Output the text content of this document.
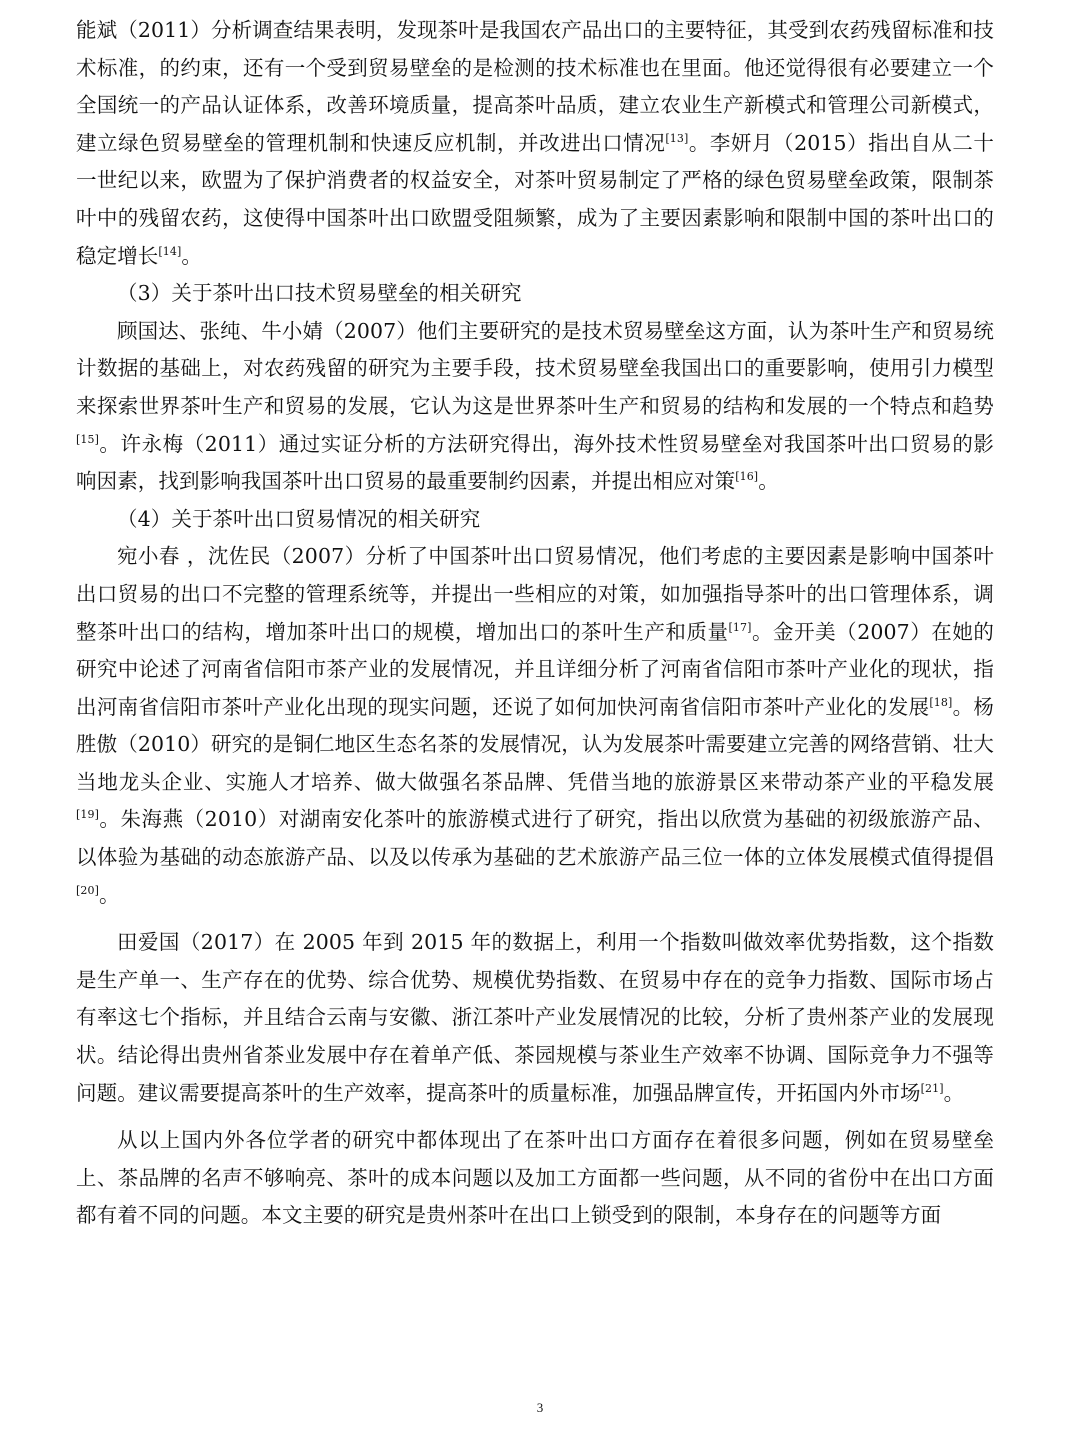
能斌（2011）分析调查结果表明，发现茶叶是我国农产品出口的主要特征，其受到农药残留标准和技术标准，的约束，还有一个受到贸易壁垒的是检测的技术标准也在里面。他还觉得很有必要建立一个全国统一的产品认证体系，改善环境质量，提高茶叶品质，建立农业生产新模式和管理公司新模式，建立绿色贸易壁垒的管理机制和快速反应机制，并改进出口情况[13]。李妍月（2015）指出自从二十一世纪以来，欧盟为了保护消费者的权益安全，对茶叶贸易制定了严格的绿色贸易壁垒政策，限制茶叶中的残留农药，这使得中国茶叶出口欧盟受阻频繁，成为了主要因素影响和限制中国的茶叶出口的稳定增长[14]。

（3）关于茶叶出口技术贸易壁垒的相关研究

顾国达、张纯、牛小婧（2007）他们主要研究的是技术贸易壁垒这方面，认为茶叶生产和贸易统计数据的基础上，对农药残留的研究为主要手段，技术贸易壁垒我国出口的重要影响，使用引力模型来探索世界茶叶生产和贸易的发展，它认为这是世界茶叶生产和贸易的结构和发展的一个特点和趋势[15]。许永梅（2011）通过实证分析的方法研究得出，海外技术性贸易壁垒对我国茶叶出口贸易的影响因素，找到影响我国茶叶出口贸易的最重要制约因素，并提出相应对策[16]。

（4）关于茶叶出口贸易情况的相关研究

宛小春 ，沈佐民（2007）分析了中国茶叶出口贸易情况，他们考虑的主要因素是影响中国茶叶出口贸易的出口不完整的管理系统等，并提出一些相应的对策，如加强指导茶叶的出口管理体系，调整茶叶出口的结构，增加茶叶出口的规模，增加出口的茶叶生产和质量[17]。金开美（2007）在她的研究中论述了河南省信阳市茶产业的发展情况，并且详细分析了河南省信阳市茶叶产业化的现状，指出河南省信阳市茶叶产业化出现的现实问题，还说了如何加快河南省信阳市茶叶产业化的发展[18]。杨胜傲（2010）研究的是铜仁地区生态名茶的发展情况，认为发展茶叶需要建立完善的网络营销、壮大当地龙头企业、实施人才培养、做大做强名茶品牌、凭借当地的旅游景区来带动茶产业的平稳发展[19]。朱海燕（2010）对湖南安化茶叶的旅游模式进行了研究，指出以欣赏为基础的初级旅游产品、以体验为基础的动态旅游产品、以及以传承为基础的艺术旅游产品三位一体的立体发展模式值得提倡[20]。

田爱国（2017）在 2005 年到 2015 年的数据上，利用一个指数叫做效率优势指数，这个指数是生产单一、生产存在的优势、综合优势、规模优势指数、在贸易中存在的竞争力指数、国际市场占有率这七个指标，并且结合云南与安徽、浙江茶叶产业发展情况的比较，分析了贵州茶产业的发展现状。结论得出贵州省茶业发展中存在着单产低、茶园规模与茶业生产效率不协调、国际竞争力不强等问题。建议需要提高茶叶的生产效率，提高茶叶的质量标准，加强品牌宣传，开拓国内外市场[21]。

从以上国内外各位学者的研究中都体现出了在茶叶出口方面存在着很多问题，例如在贸易壁垒上、茶品牌的名声不够响亮、茶叶的成本问题以及加工方面都一些问题，从不同的省份中在出口方面都有着不同的问题。本文主要的研究是贵州茶叶在出口上锁受到的限制，本身存在的问题等方面

3
